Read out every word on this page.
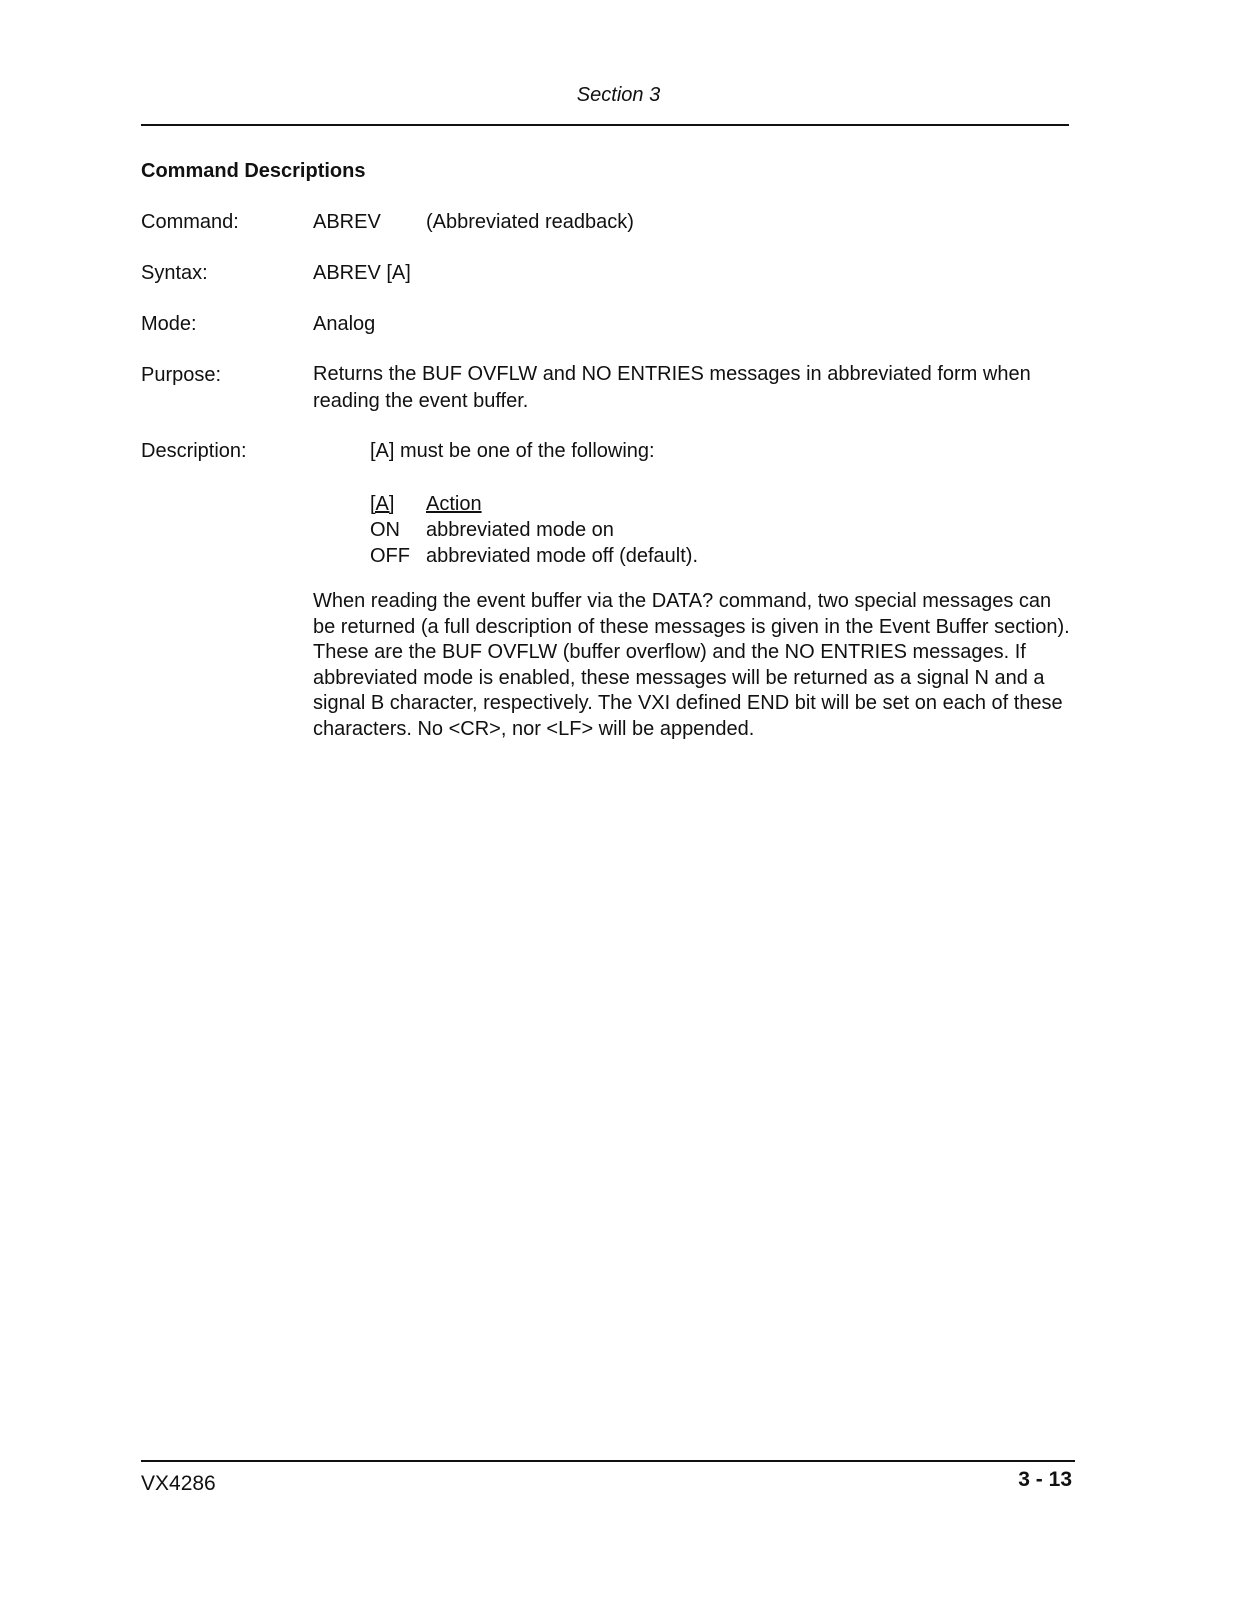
Section 3
Command Descriptions
Command:	ABREV (Abbreviated readback)
Syntax:	ABREV [A]
Mode:	Analog
Purpose:	Returns the BUF OVFLW and NO ENTRIES messages in abbreviated form when reading the event buffer.
Description:	[A] must be one of the following:
[A]	Action
ON	abbreviated mode on
OFF abbreviated mode off (default).
When reading the event buffer via the DATA? command, two special messages can be returned (a full description of these messages is given in the Event Buffer section). These are the BUF OVFLW (buffer overflow) and the NO ENTRIES messages. If abbreviated mode is enabled, these messages will be returned as a signal N and a signal B character, respectively. The VXI defined END bit will be set on each of these characters. No <CR>, nor <LF> will be appended.
VX4286	3 - 13
